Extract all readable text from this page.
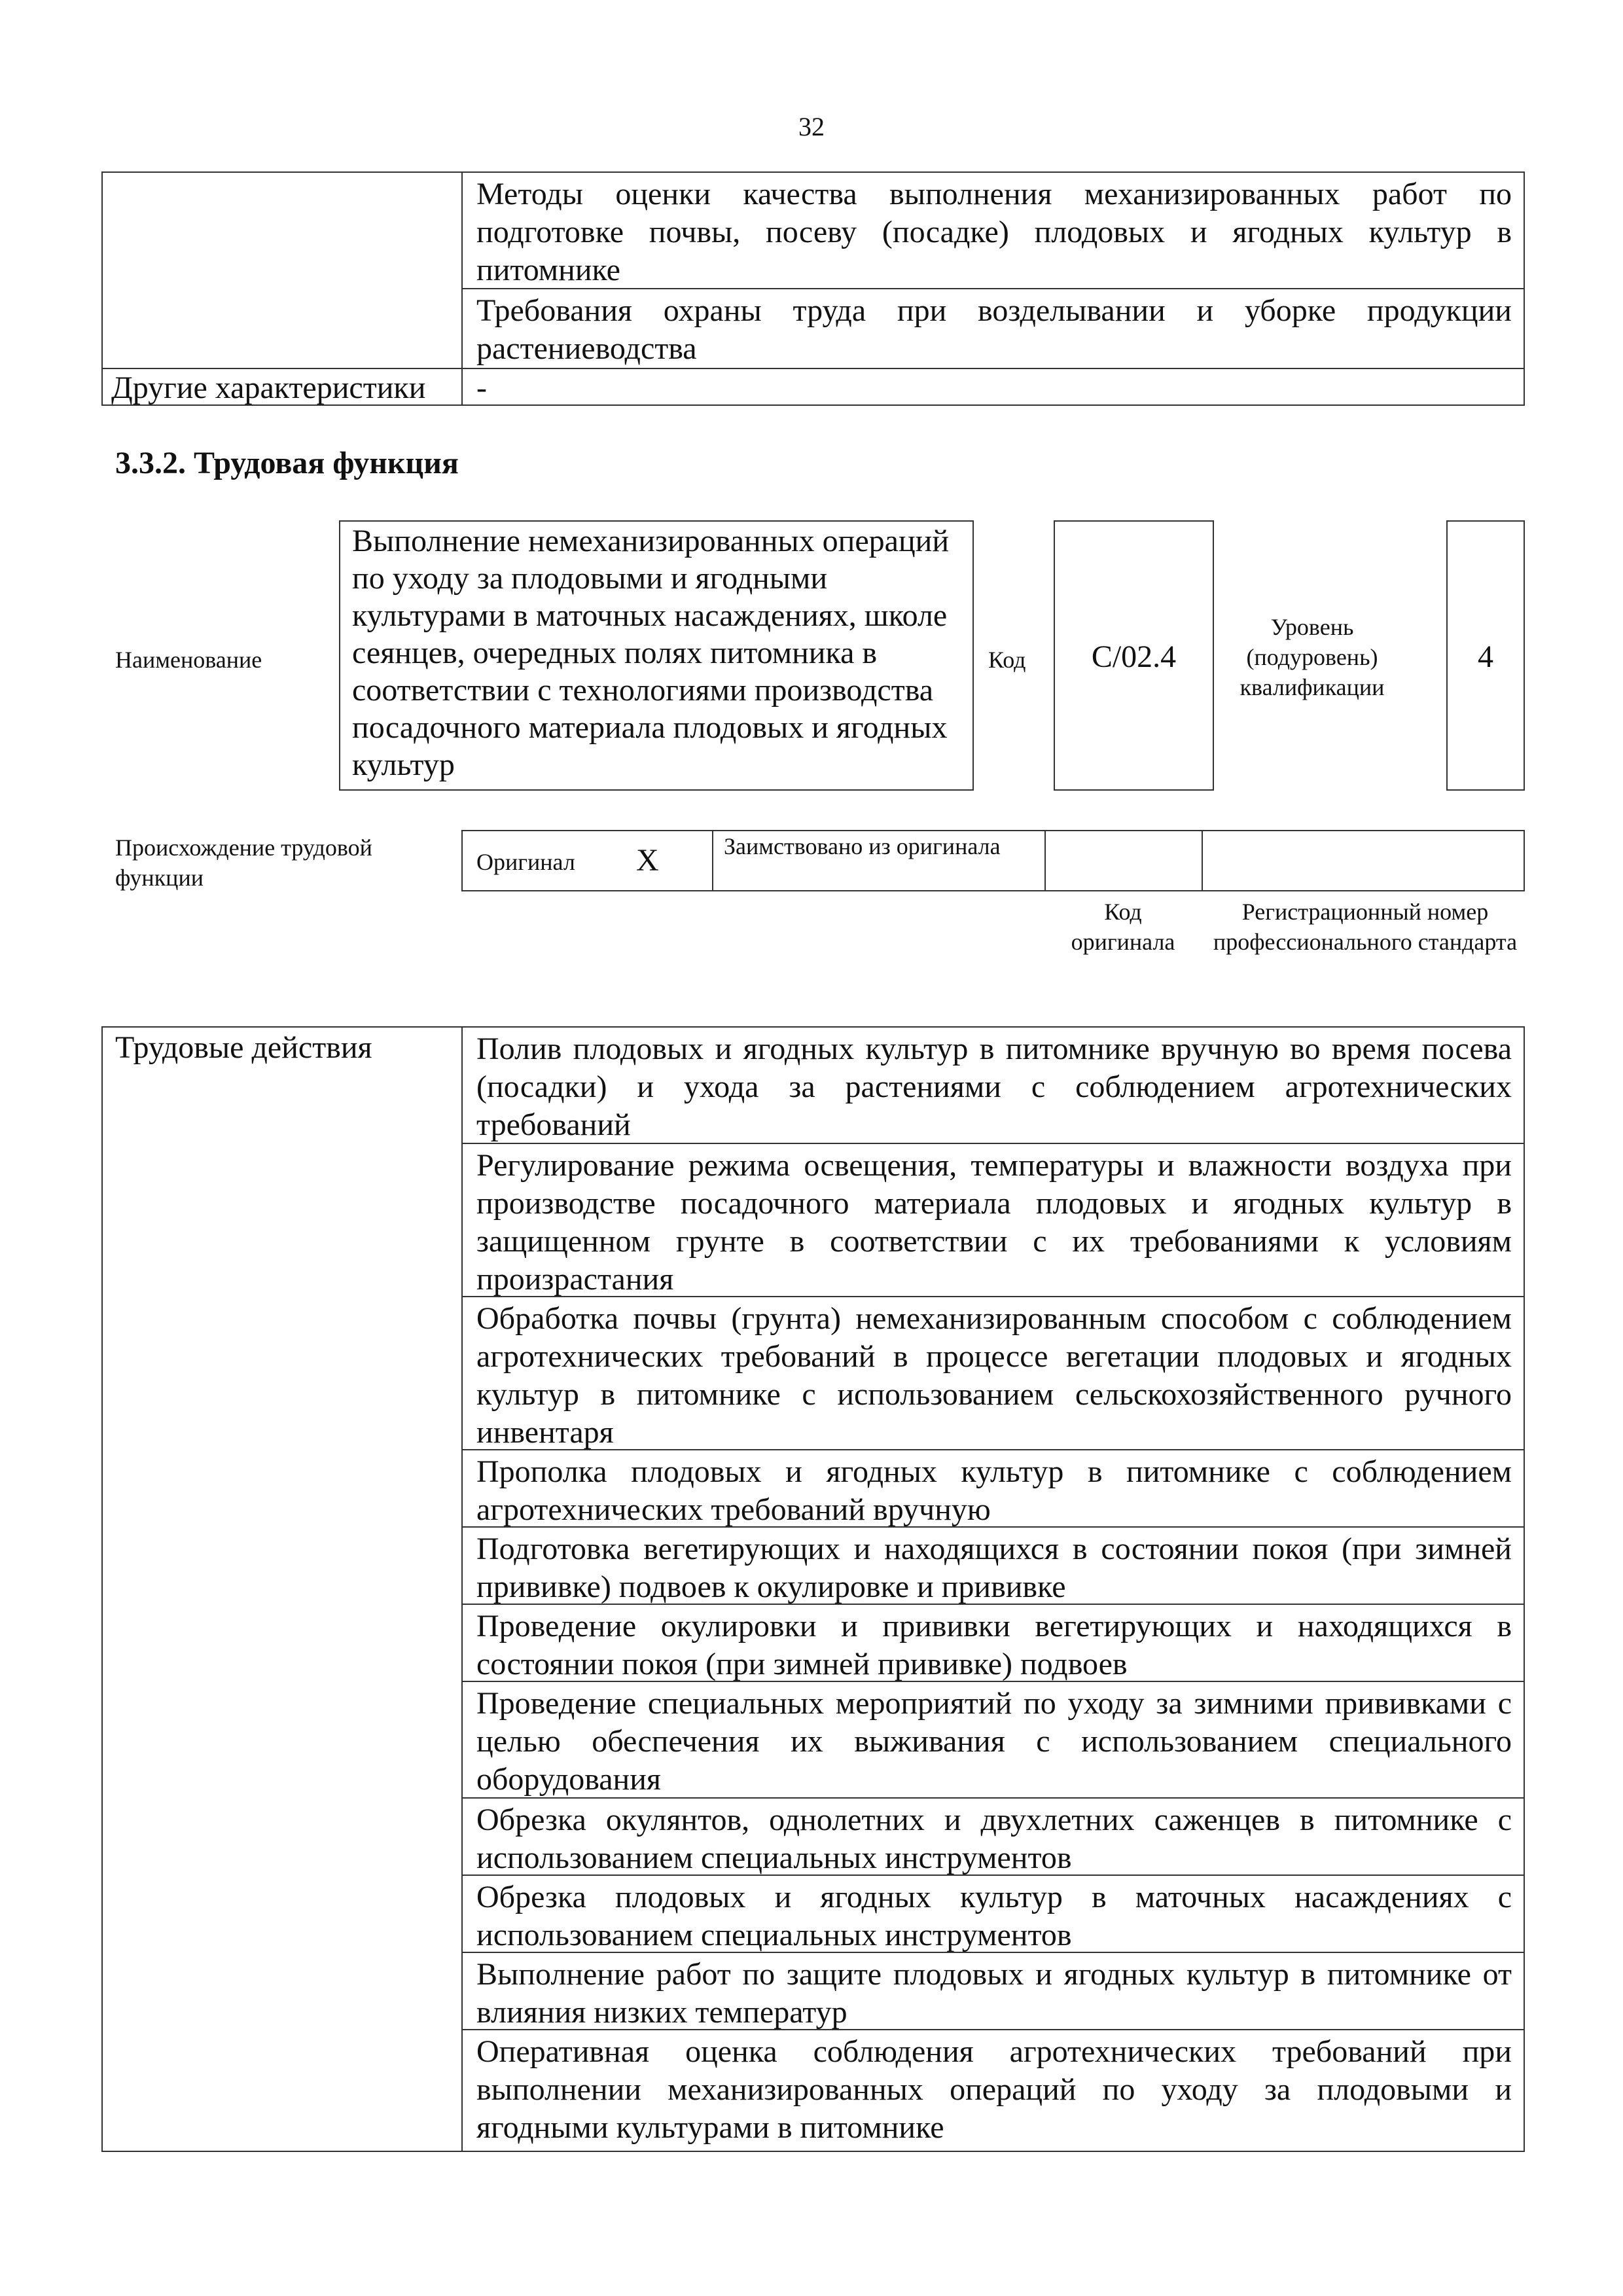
32
Методы оценки качества выполнения механизированных работ по подготовке почвы, посеву (посадке) плодовых и ягодных культур в питомнике
Требования охраны труда при возделывании и уборке продукции растениеводства
Другие характеристики -
3.3.2. Трудовая функция
Наименование
Выполнение немеханизированных операций по уходу за плодовыми и ягодными культурами в маточных насаждениях, школе сеянцев, очередных полях питомника в соответствии с технологиями производства посадочного материала плодовых и ягодных культур
Код	C/02.4
Уровень (подуровень) квалификации
4
Происхождение трудовой функции
Оригинал X	Заимствовано из оригинала
Код оригинала
Регистрационный номер профессионального стандарта
Трудовые действия	Полив плодовых и ягодных культур в питомнике вручную во время посева (посадки) и ухода за растениями с соблюдением агротехнических требований
Регулирование режима освещения, температуры и влажности воздуха при производстве посадочного материала плодовых и ягодных культур в защищенном грунте в соответствии с их требованиями к условиям произрастания
Обработка почвы (грунта) немеханизированным способом с соблюдением агротехнических требований в процессе вегетации плодовых и ягодных культур в питомнике с использованием сельскохозяйственного ручного инвентаря
Прополка плодовых и ягодных культур в питомнике с соблюдением агротехнических требований вручную
Подготовка вегетирующих и находящихся в состоянии покоя (при зимней прививке) подвоев к окулировке и прививке
Проведение окулировки и прививки вегетирующих и находящихся в состоянии покоя (при зимней прививке) подвоев
Проведение специальных мероприятий по уходу за зимними прививками с целью обеспечения их выживания с использованием специального оборудования
Обрезка окулянтов, однолетних и двухлетних саженцев в питомнике с использованием специальных инструментов
Обрезка плодовых и ягодных культур в маточных насаждениях с использованием специальных инструментов
Выполнение работ по защите плодовых и ягодных культур в питомнике от влияния низких температур
Оперативная оценка соблюдения агротехнических требований при выполнении механизированных операций по уходу за плодовыми и ягодными культурами в питомнике
